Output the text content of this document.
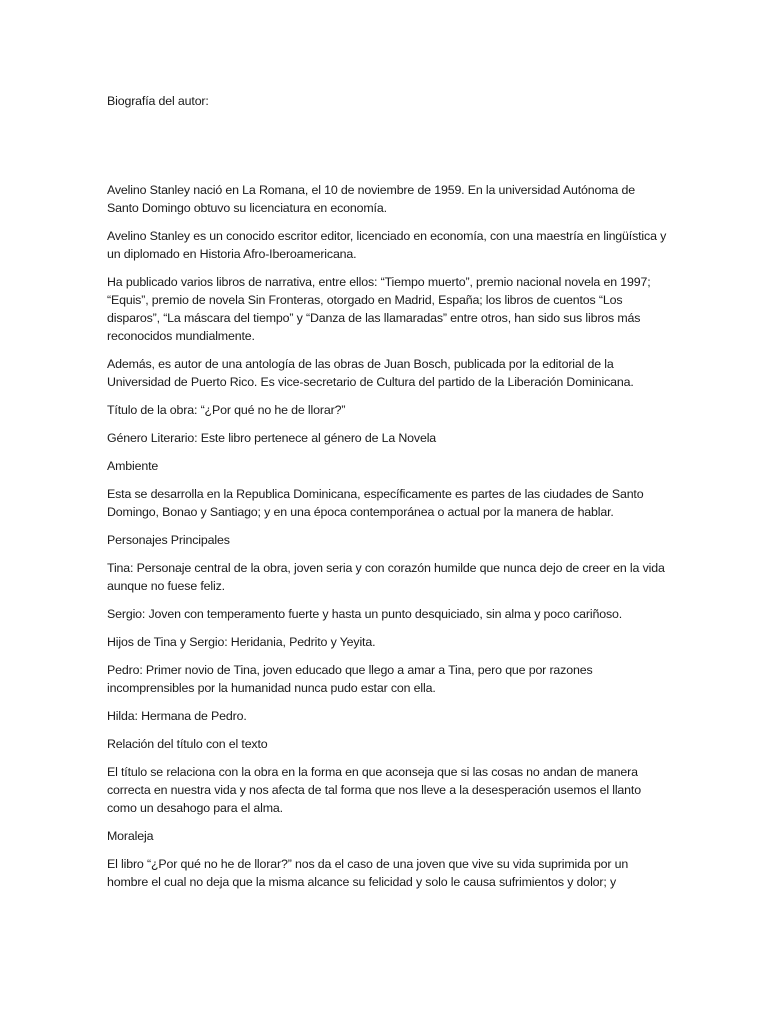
Biografía del autor:

Avelino Stanley nació en La Romana, el 10 de noviembre de 1959. En la universidad Autónoma de Santo Domingo obtuvo su licenciatura en economía.

Avelino Stanley es un conocido escritor editor, licenciado en economía, con una maestría en lingüística y un diplomado en Historia Afro-Iberoamericana.

Ha publicado varios libros de narrativa, entre ellos: “Tiempo muerto”, premio nacional novela en 1997; “Equis”, premio de novela Sin Fronteras, otorgado en Madrid, España; los libros de cuentos “Los disparos”, “La máscara del tiempo” y “Danza de las llamaradas” entre otros, han sido sus libros más reconocidos mundialmente.

Además, es autor de una antología de las obras de Juan Bosch, publicada por la editorial de la Universidad de Puerto Rico. Es vice-secretario de Cultura del partido de la Liberación Dominicana.

Título de la obra: “¿Por qué no he de llorar?”

Género Literario: Este libro pertenece al género de La Novela

Ambiente

Esta se desarrolla en la Republica Dominicana, específicamente es partes de las ciudades de Santo Domingo, Bonao y Santiago; y en una época contemporánea o actual por la manera de hablar.

Personajes Principales

Tina: Personaje central de la obra, joven seria y con corazón humilde que nunca dejo de creer en la vida aunque no fuese feliz.

Sergio: Joven con temperamento fuerte y hasta un punto desquiciado, sin alma y poco cariñoso.

Hijos de Tina y Sergio: Heridania, Pedrito y Yeyita.

Pedro: Primer novio de Tina, joven educado que llego a amar a Tina, pero que por razones incomprensibles por la humanidad nunca pudo estar con ella.

Hilda: Hermana de Pedro.

Relación del título con el texto

El título se relaciona con la obra en la forma en que aconseja que si las cosas no andan de manera correcta en nuestra vida y nos afecta de tal forma que nos lleve a la desesperación usemos el llanto como un desahogo para el alma.

Moraleja

El libro “¿Por qué no he de llorar?” nos da el caso de una joven que vive su vida suprimida por un hombre el cual no deja que la misma alcance su felicidad y solo le causa sufrimientos y dolor; y
